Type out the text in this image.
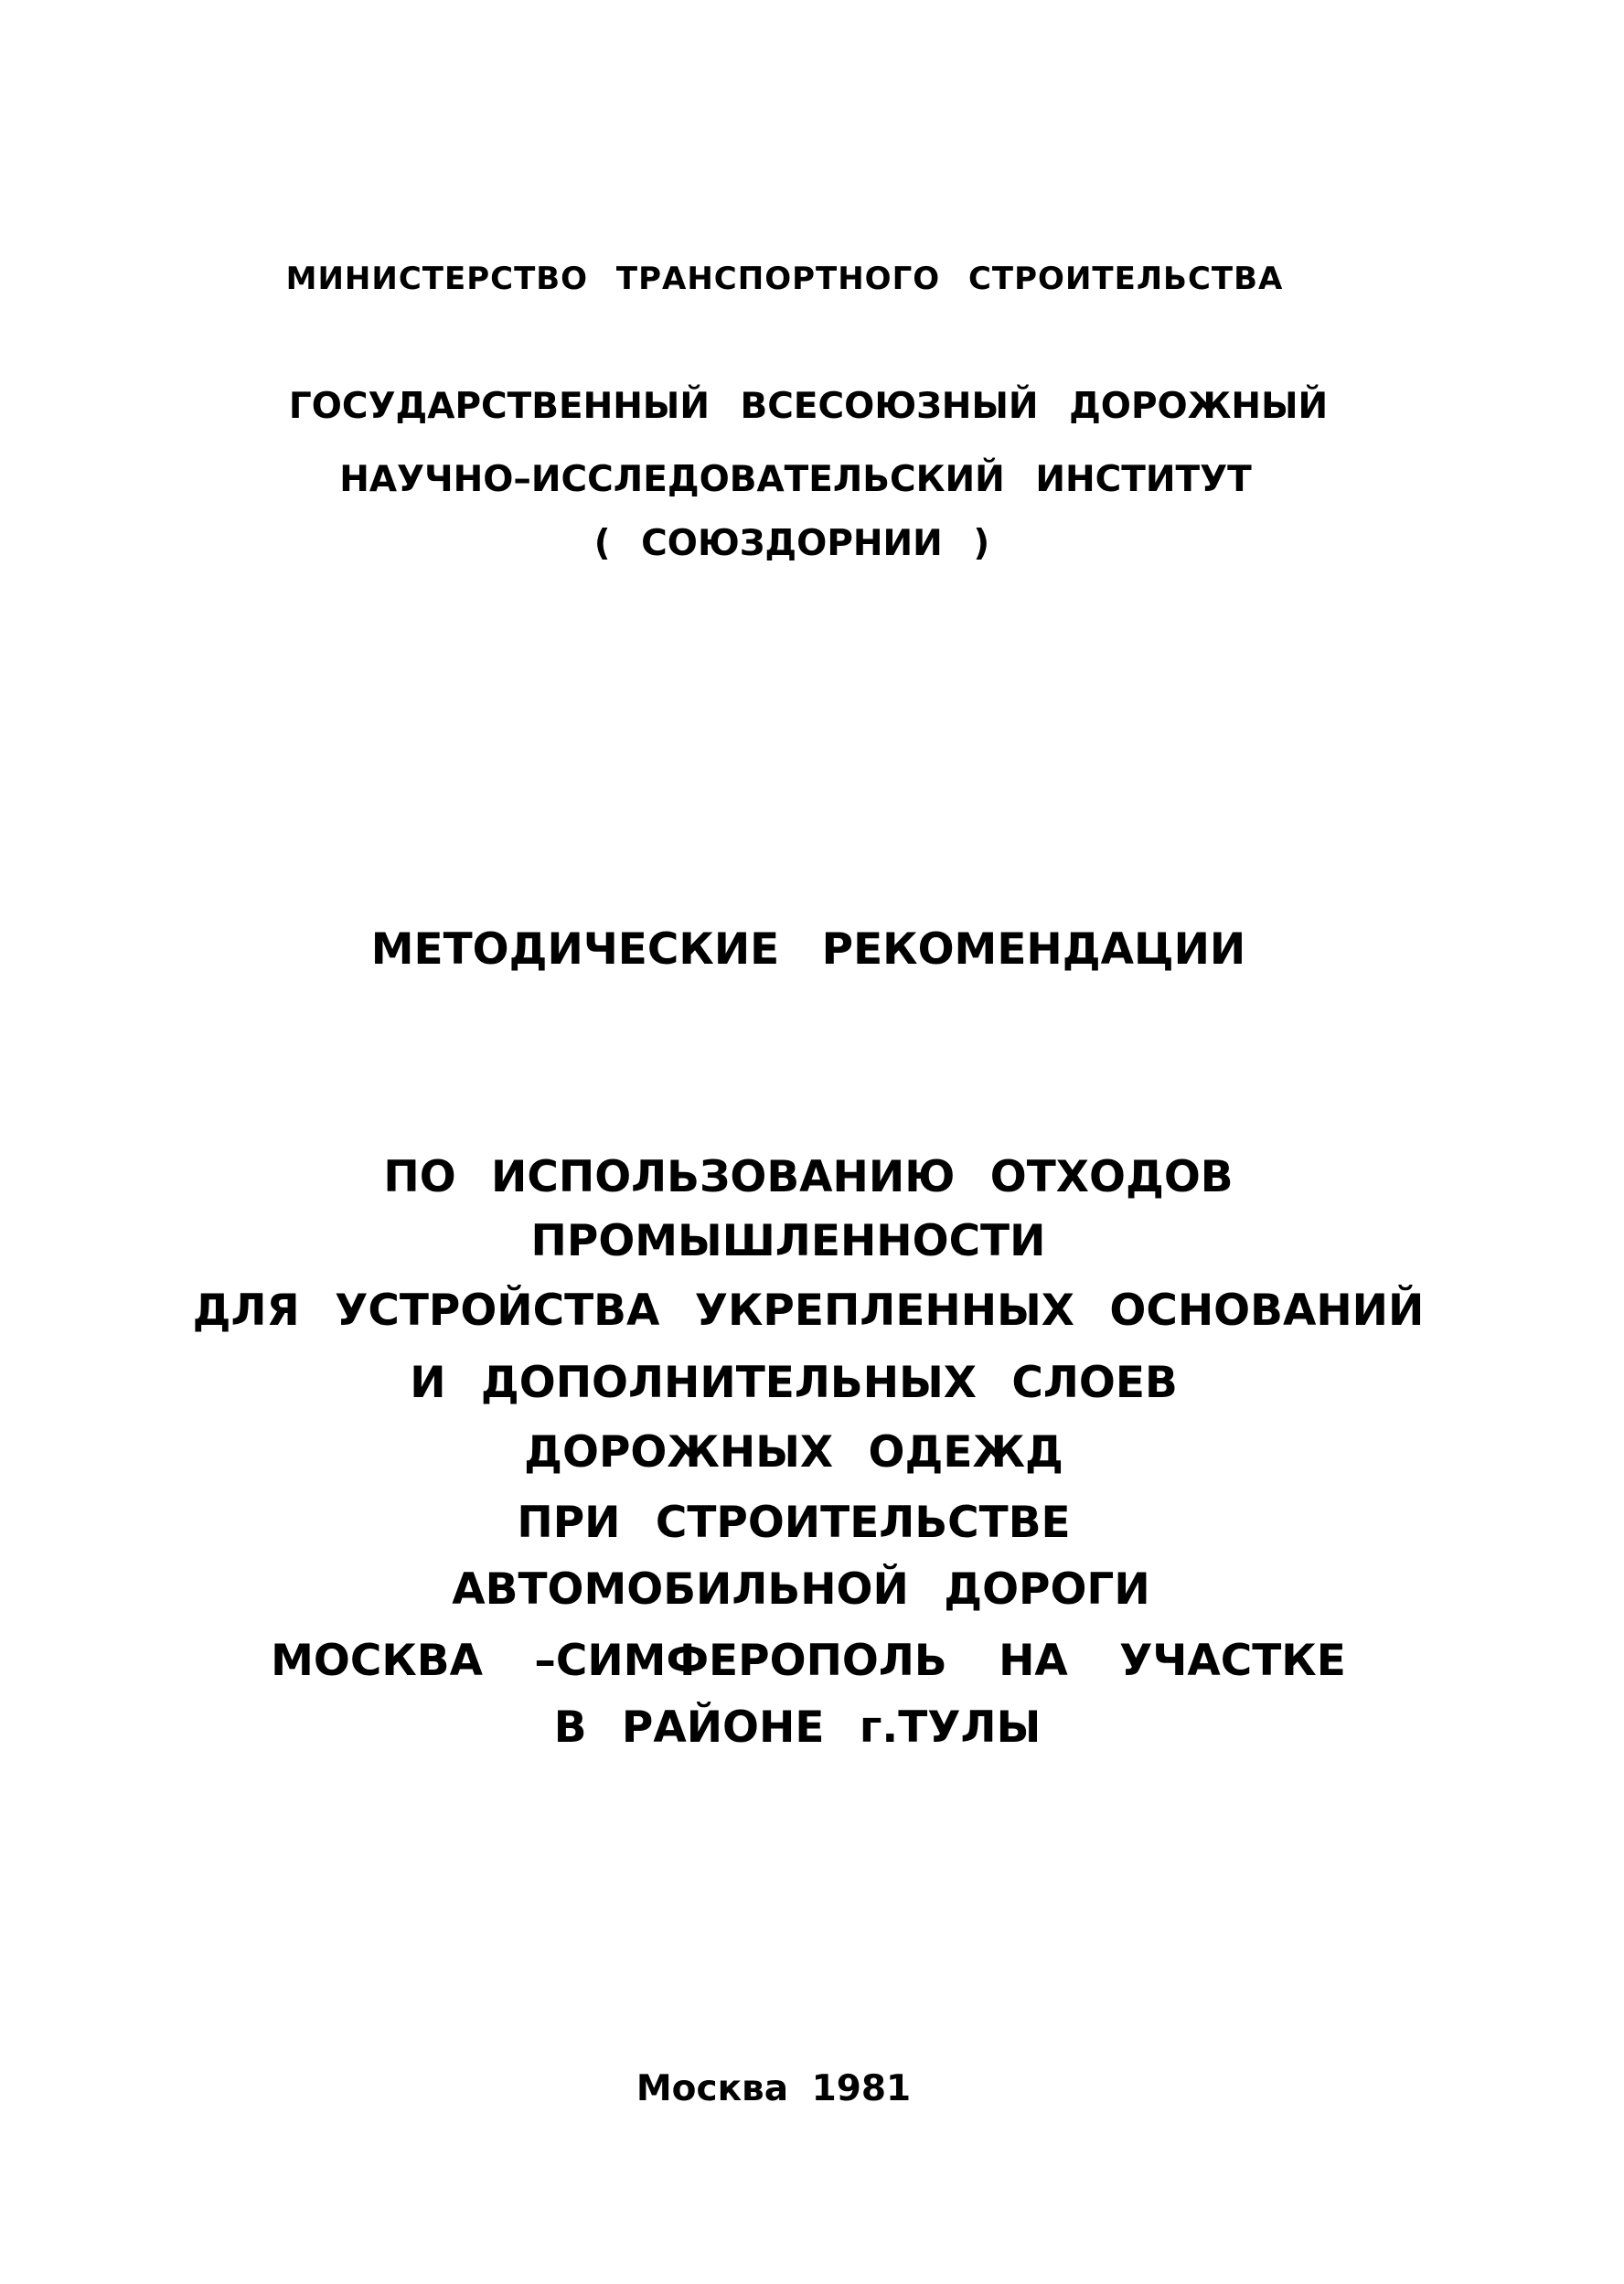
МИНИСТЕРСТВО ТРАНСПОРТНОГО СТРОИТЕЛЬСТВА
ГОСУДАРСТВЕННЫЙ ВСЕСОЮЗНЫЙ ДОРОЖНЫЙ
НАУЧНО–ИССЛЕДОВАТЕЛЬСКИЙ ИНСТИТУТ
( СОЮЗДОРНИИ )
МЕТОДИЧЕСКИЕ РЕКОМЕНДАЦИИ
ПО ИСПОЛЬЗОВАНИЮ ОТХОДОВ
ПРОМЫШЛЕННОСТИ
ДЛЯ УСТРОЙСТВА УКРЕПЛЕННЫХ ОСНОВАНИЙ
И ДОПОЛНИТЕЛЬНЫХ СЛОЕВ
ДОРОЖНЫХ ОДЕЖД
ПРИ СТРОИТЕЛЬСТВЕ
АВТОМОБИЛЬНОЙ ДОРОГИ
МОСКВА –СИМФЕРОПОЛЬ НА УЧАСТКЕ
В РАЙОНЕ г.ТУЛЫ
Москва 1981
